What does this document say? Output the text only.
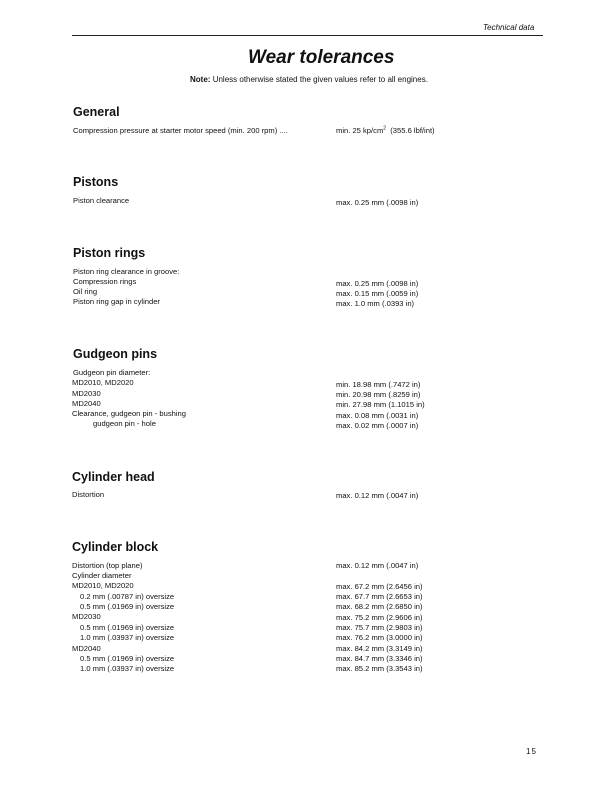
Technical data
Wear tolerances
Note: Unless otherwise stated the given values refer to all engines.
General
Compression pressure at starter motor speed (min. 200 rpm) ....	min. 25 $kp/cm^2$  (355.6 lbf/int)
Pistons
Piston clearance	max. 0.25 mm (.0098 in)
Piston rings
Piston ring clearance in groove:
Compression rings	max. 0.25 mm (.0098 in)
Oil ring	max. 0.15 mm (.0059 in)
Piston ring gap in cylinder	max. 1.0 mm (.0393 in)
Gudgeon pins
Gudgeon pin diameter:
MD2010, MD2020	min. 18.98 mm (.7472 in)
MD2030	min. 20.98 mm (.8259 in)
MD2040	min. 27.98 mm (1.1015 in)
Clearance, gudgeon pin - bushing	max. 0.08 mm (.0031 in)
gudgeon pin - hole	max. 0.02 mm (.0007 in)
Cylinder head
Distortion	max. 0.12 mm (.0047 in)
Cylinder block
Distortion (top plane)	max. 0.12 mm (.0047 in)
Cylinder diameter
MD2010, MD2020	max. 67.2 mm (2.6456 in)
0.2 mm (.00787 in) oversize	max. 67.7 mm (2.6653 in)
0.5 mm (.01969 in) oversize	max. 68.2 mm (2.6850 in)
MD2030	max. 75.2 mm (2.9606 in)
0.5 mm (.01969 in) oversize	max. 75.7 mm (2.9803 in)
1.0 mm (.03937 in) oversize	max. 76.2 mm (3.0000 in)
MD2040	max. 84.2 mm (3.3149 in)
0.5 mm (.01969 in) oversize	max. 84.7 mm (3.3346 in)
1.0 mm (.03937 in) oversize	max. 85.2 mm (3.3543 in)
15
